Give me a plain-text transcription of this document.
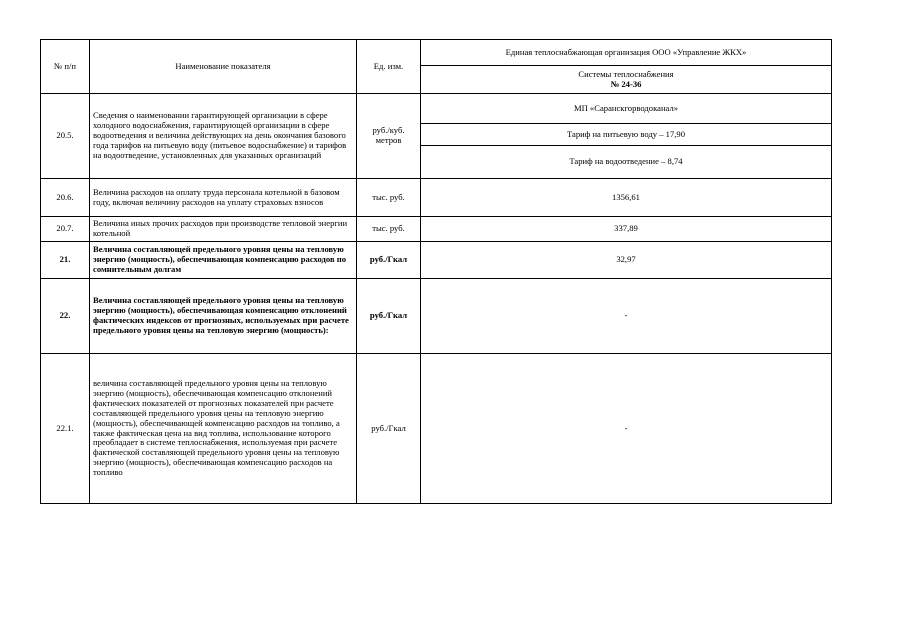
№ п/п	Наименование показателя	Ед. изм.	Единая теплоснабжающая организация ООО «Управление ЖКХ»

			Системы теплоснабжения
№ 24-36

20.5.	Сведения о наименовании гарантирующей организации в сфере холодного водоснабжения, гарантирующей организации в сфере водоотведения и величина действующих на день окончания базового года тарифов на питьевую воду (питьевое водоснабжение) и тарифов на водоотведение, установленных для указанных организаций	руб./куб. метров	МП «Саранскгорводоканал»
			Тариф на питьевую воду – 17,90
			Тариф на водоотведение – 8,74
20.6.	Величина расходов на оплату труда персонала котельной в базовом году, включая величину расходов на уплату страховых взносов	тыс. руб.	1356,61
20.7.	Величина иных прочих расходов при производстве тепловой энергии котельной	тыс. руб.	337,89
21.	Величина составляющей предельного уровня цены на тепловую энергию (мощность), обеспечивающая компенсацию расходов по сомнительным долгам	руб./Гкал	32,97
22.	Величина составляющей предельного уровня цены на тепловую энергию (мощность), обеспечивающая компенсацию отклонений фактических индексов от прогнозных, используемых при расчете предельного уровня цены на тепловую энергию (мощность):	руб./Гкал	-
22.1.	величина составляющей предельного уровня цены на тепловую энергию (мощность), обеспечивающая компенсацию отклонений фактических показателей от прогнозных показателей при расчете составляющей предельного уровня цены на тепловую энергию (мощность), обеспечивающей компенсацию расходов на топливо, а также фактическая цена на вид топлива, использование которого преобладает в системе теплоснабжения, используемая при расчете фактической составляющей предельного уровня цены на тепловую энергию (мощность), обеспечивающая компенсацию расходов на топливо	руб./Гкал	-
